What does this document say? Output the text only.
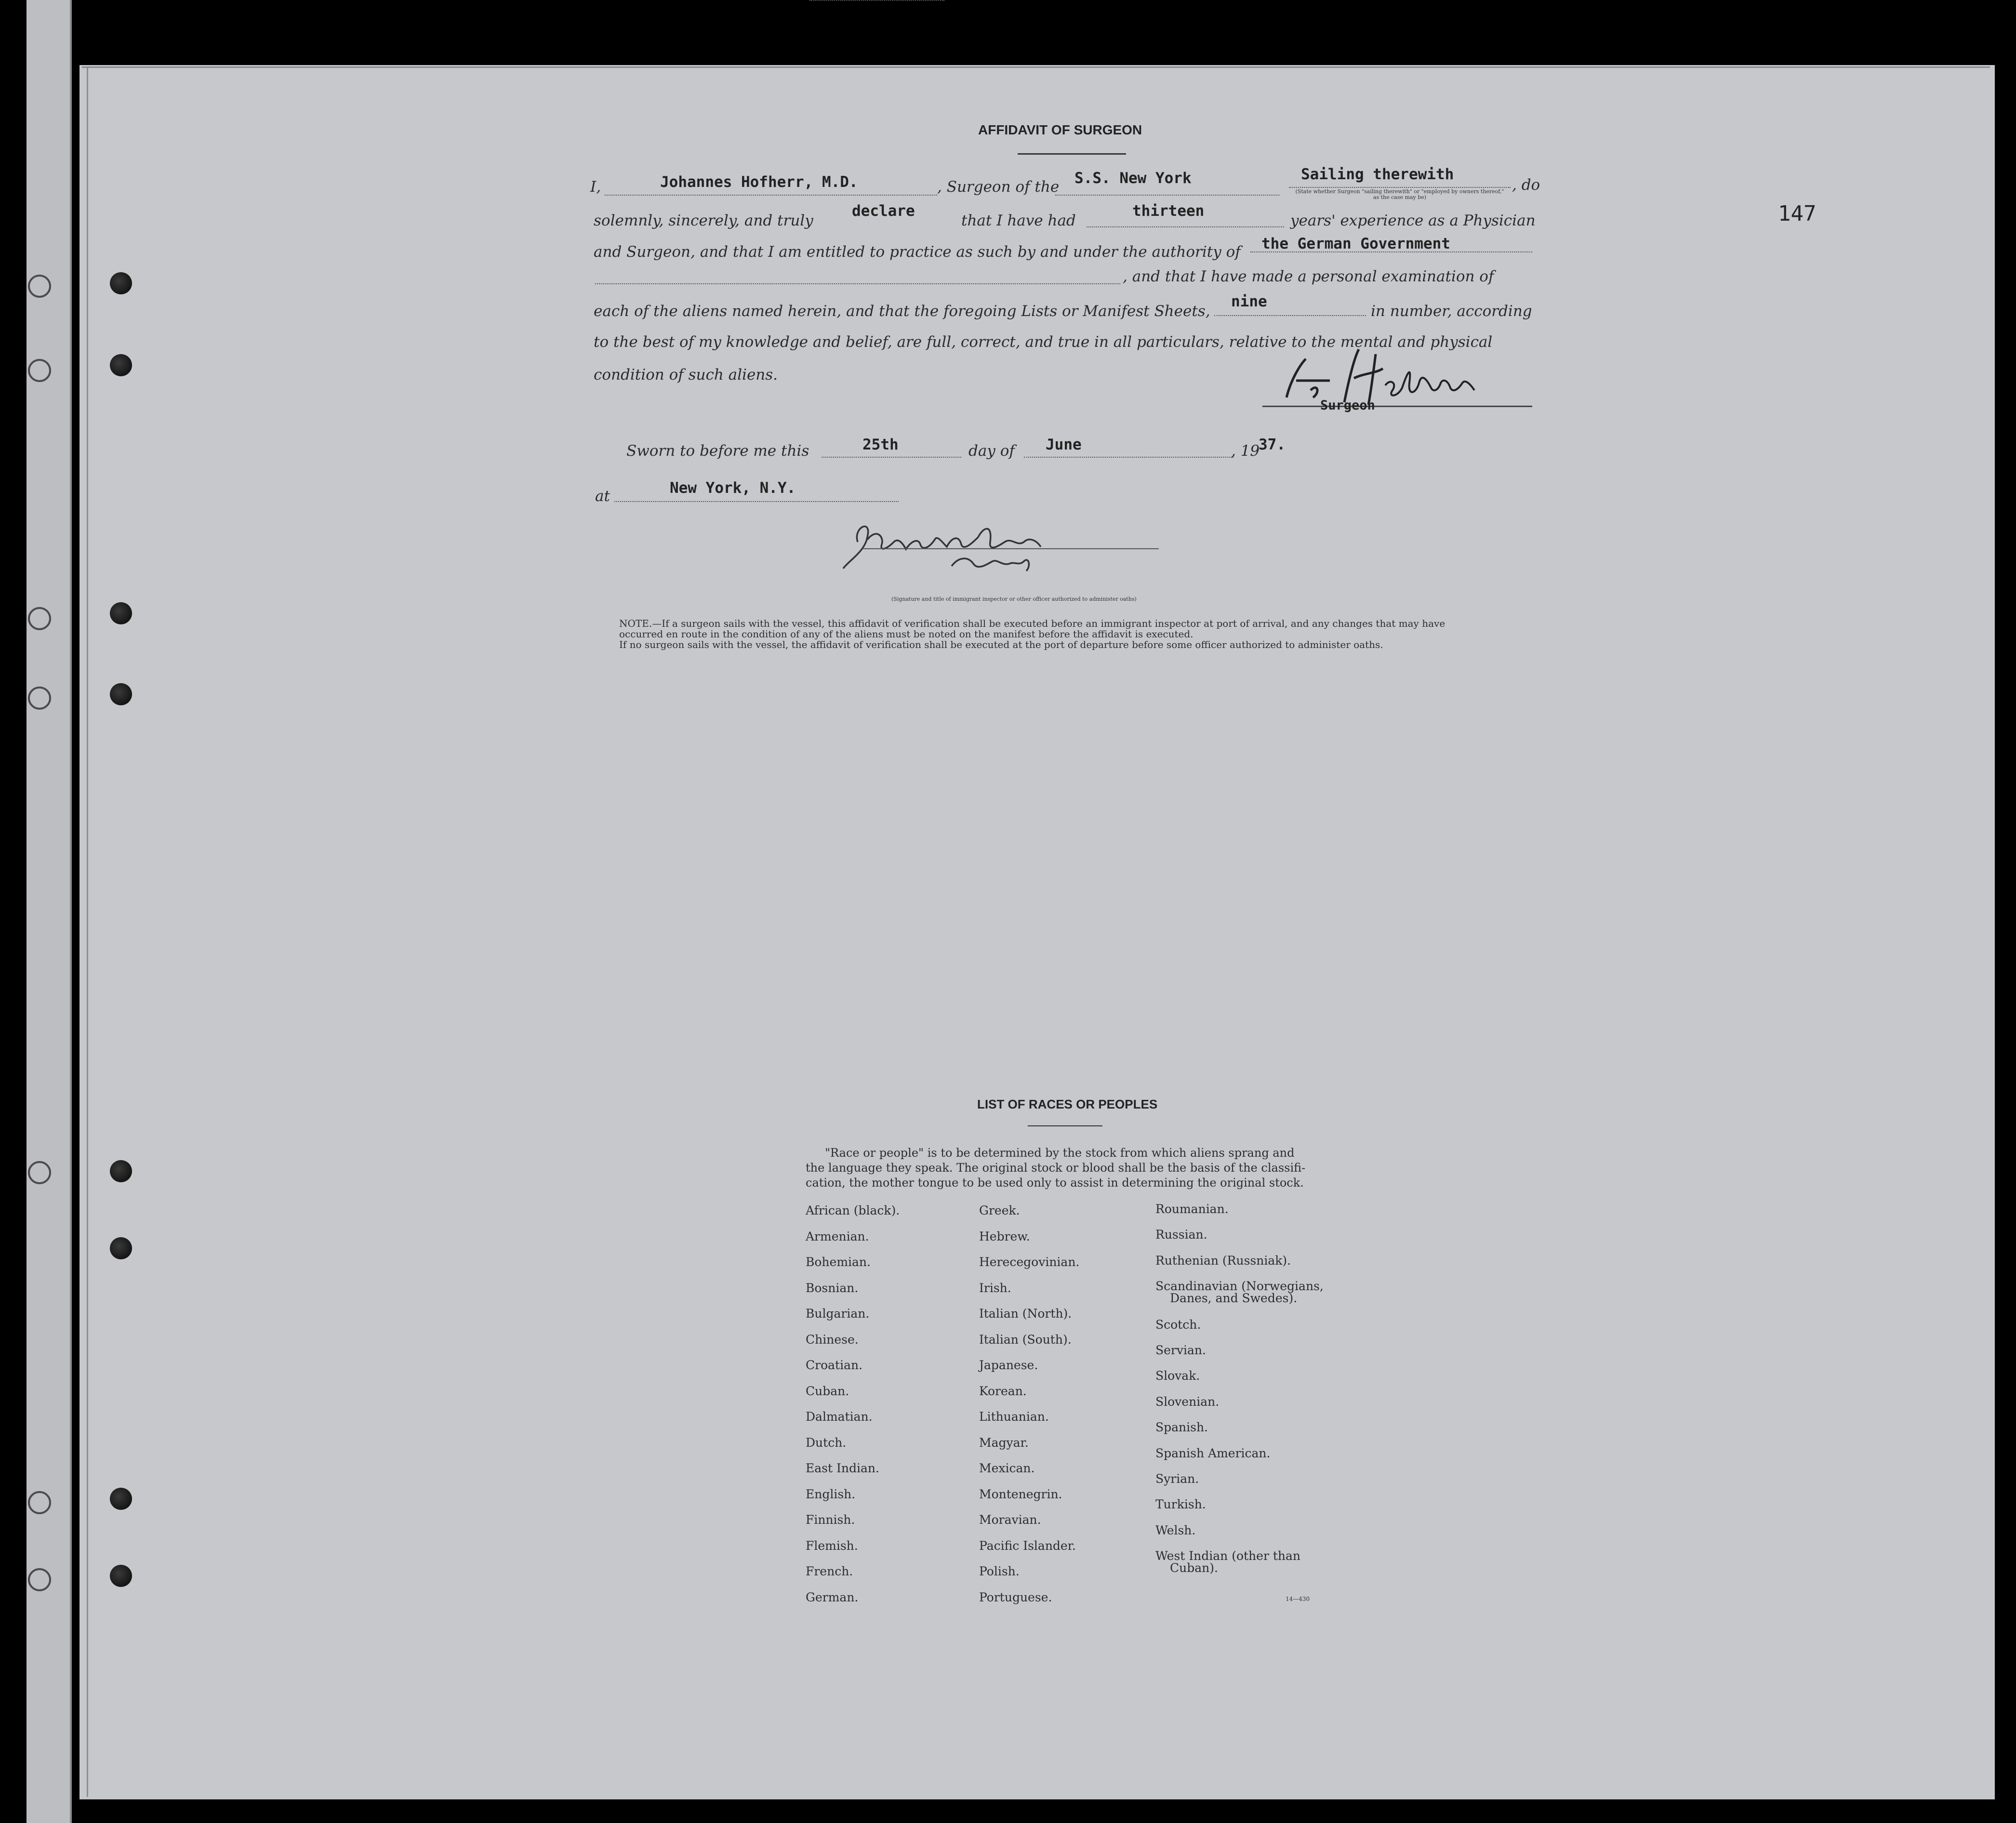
AFFIDAVIT OF SURGEON
I,	Johannes Hofherr, M.D.	, Surgeon of the S.S. New York	Sailing therewith
, do
(State whether Surgeon "sailing therewith" or "employed by owners thereof," as the case may be)
solemnly, sincerely, and truly
declare
that I have had
thirteen
years' experience as a Physician
and Surgeon, and that I am entitled to practice as such by and under the authority of the German Government
, and that I have made a personal examination of
each of the aliens named herein, and that the foregoing Lists or Manifest Sheets,
nine
in number, according
to the best of my knowledge and belief, are full, correct, and true in all particulars, relative to the mental and physical
condition of such aliens.
Surgeon
Sworn to before me this	25th	day of June	, 19
37.
at	New York, N.Y.
(Signature and title of immigrant inspector or other officer authorized to administer oaths)
NOTE.—If a surgeon sails with the vessel, this affidavit of verification shall be executed before an immigrant inspector at port of arrival, and any changes that may have
occurred en route in the condition of any of the aliens must be noted on the manifest before the affidavit is executed.
If no surgeon sails with the vessel, the affidavit of verification shall be executed at the port of departure before some officer authorized to administer oaths.
147
LIST OF RACES OR PEOPLES
"Race or people" is to be determined by the stock from which aliens sprang and
the language they speak. The original stock or blood shall be the basis of the classifi-
cation, the mother tongue to be used only to assist in determining the original stock.
African (black).
Armenian.
Bohemian.
Bosnian.
Bulgarian.
Chinese.
Croatian.
Cuban.
Dalmatian.
Dutch.
East Indian.
English.
Finnish.
Flemish.
French.
German.
Greek.
Hebrew.
Herecegovinian.
Irish.
Italian (North).
Italian (South).
Japanese.
Korean.
Lithuanian.
Magyar.
Mexican.
Montenegrin.
Moravian.
Pacific Islander.
Polish.
Portuguese.
Roumanian.
Russian.
Ruthenian (Russniak).
Scandinavian (Norwegians,
Danes, and Swedes).
Scotch.
Servian.
Slovak.
Slovenian.
Spanish.
Spanish American.
Syrian.
Turkish.
Welsh.
West Indian (other than
Cuban).
14—430
